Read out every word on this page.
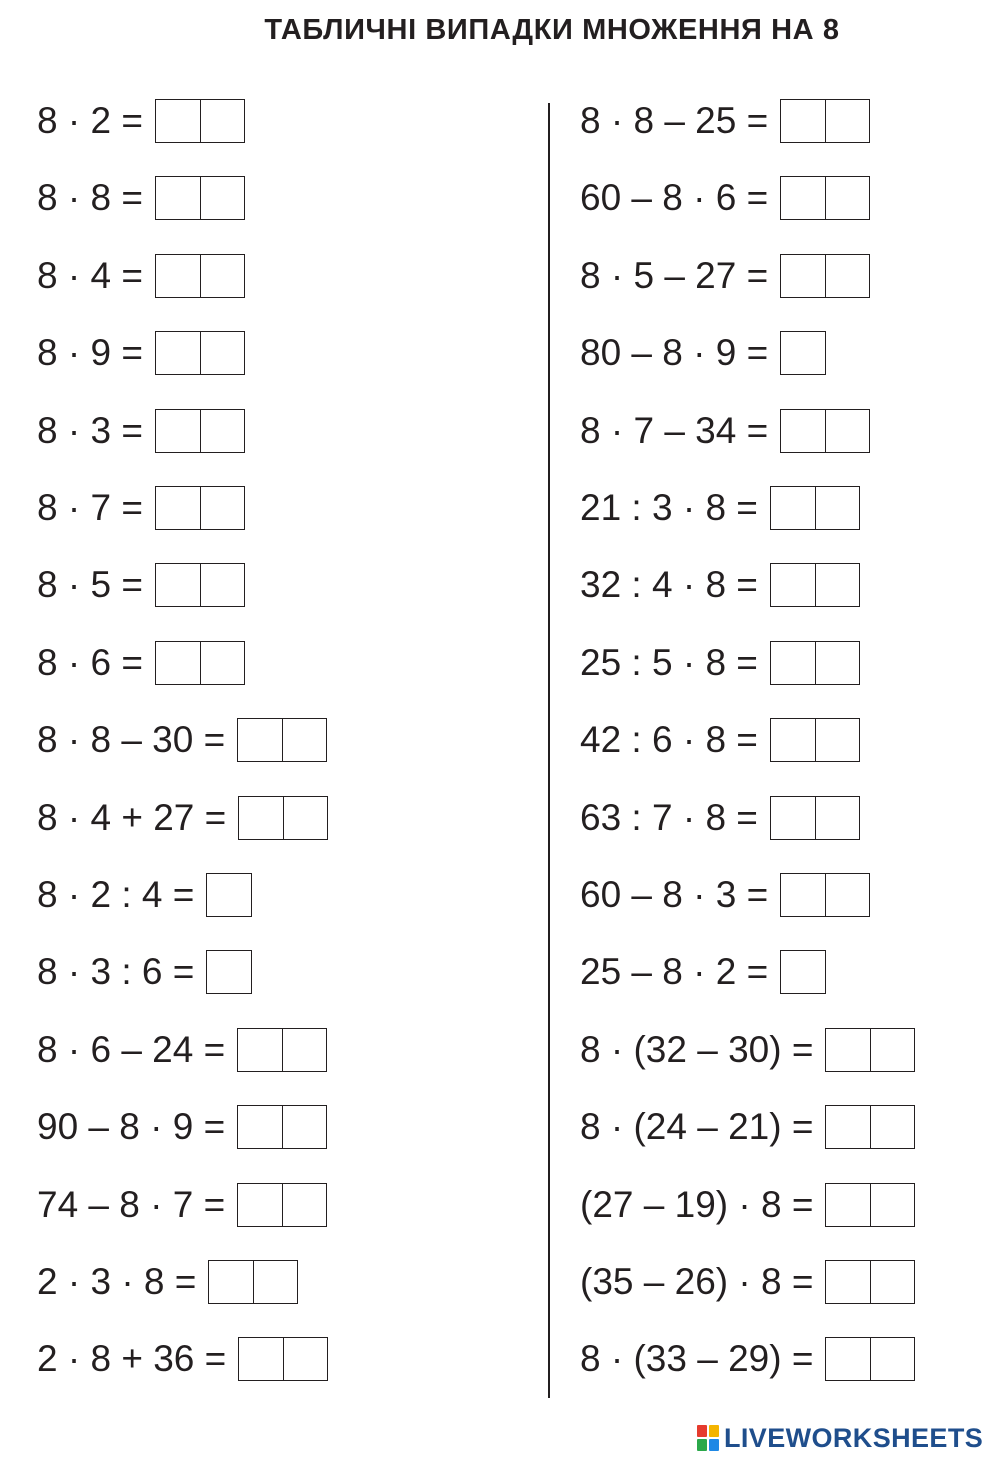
ТАБЛИЧНІ ВИПАДКИ МНОЖЕННЯ НА 8
8 · 2 =
8 · 8 =
8 · 4 =
8 · 9 =
8 · 3 =
8 · 7 =
8 · 5 =
8 · 6 =
8 · 8 – 30 =
8 · 4 + 27 =
8 · 2 : 4 =
8 · 3 : 6 =
8 · 6 – 24 =
90 – 8 · 9 =
74 – 8 · 7 =
2 · 3 · 8 =
2 · 8 + 36 =
8 · 8 – 25 =
60 – 8 · 6 =
8 · 5 – 27 =
80 – 8 · 9 =
8 · 7 – 34 =
21 : 3 · 8 =
32 : 4 · 8 =
25 : 5 · 8 =
42 : 6 · 8 =
63 : 7 · 8 =
60 – 8 · 3 =
25 – 8 · 2 =
8 · (32 – 30) =
8 · (24 – 21) =
(27 – 19) · 8 =
(35 – 26) · 8 =
8 · (33 – 29) =
LIVEWORKSHEETS
